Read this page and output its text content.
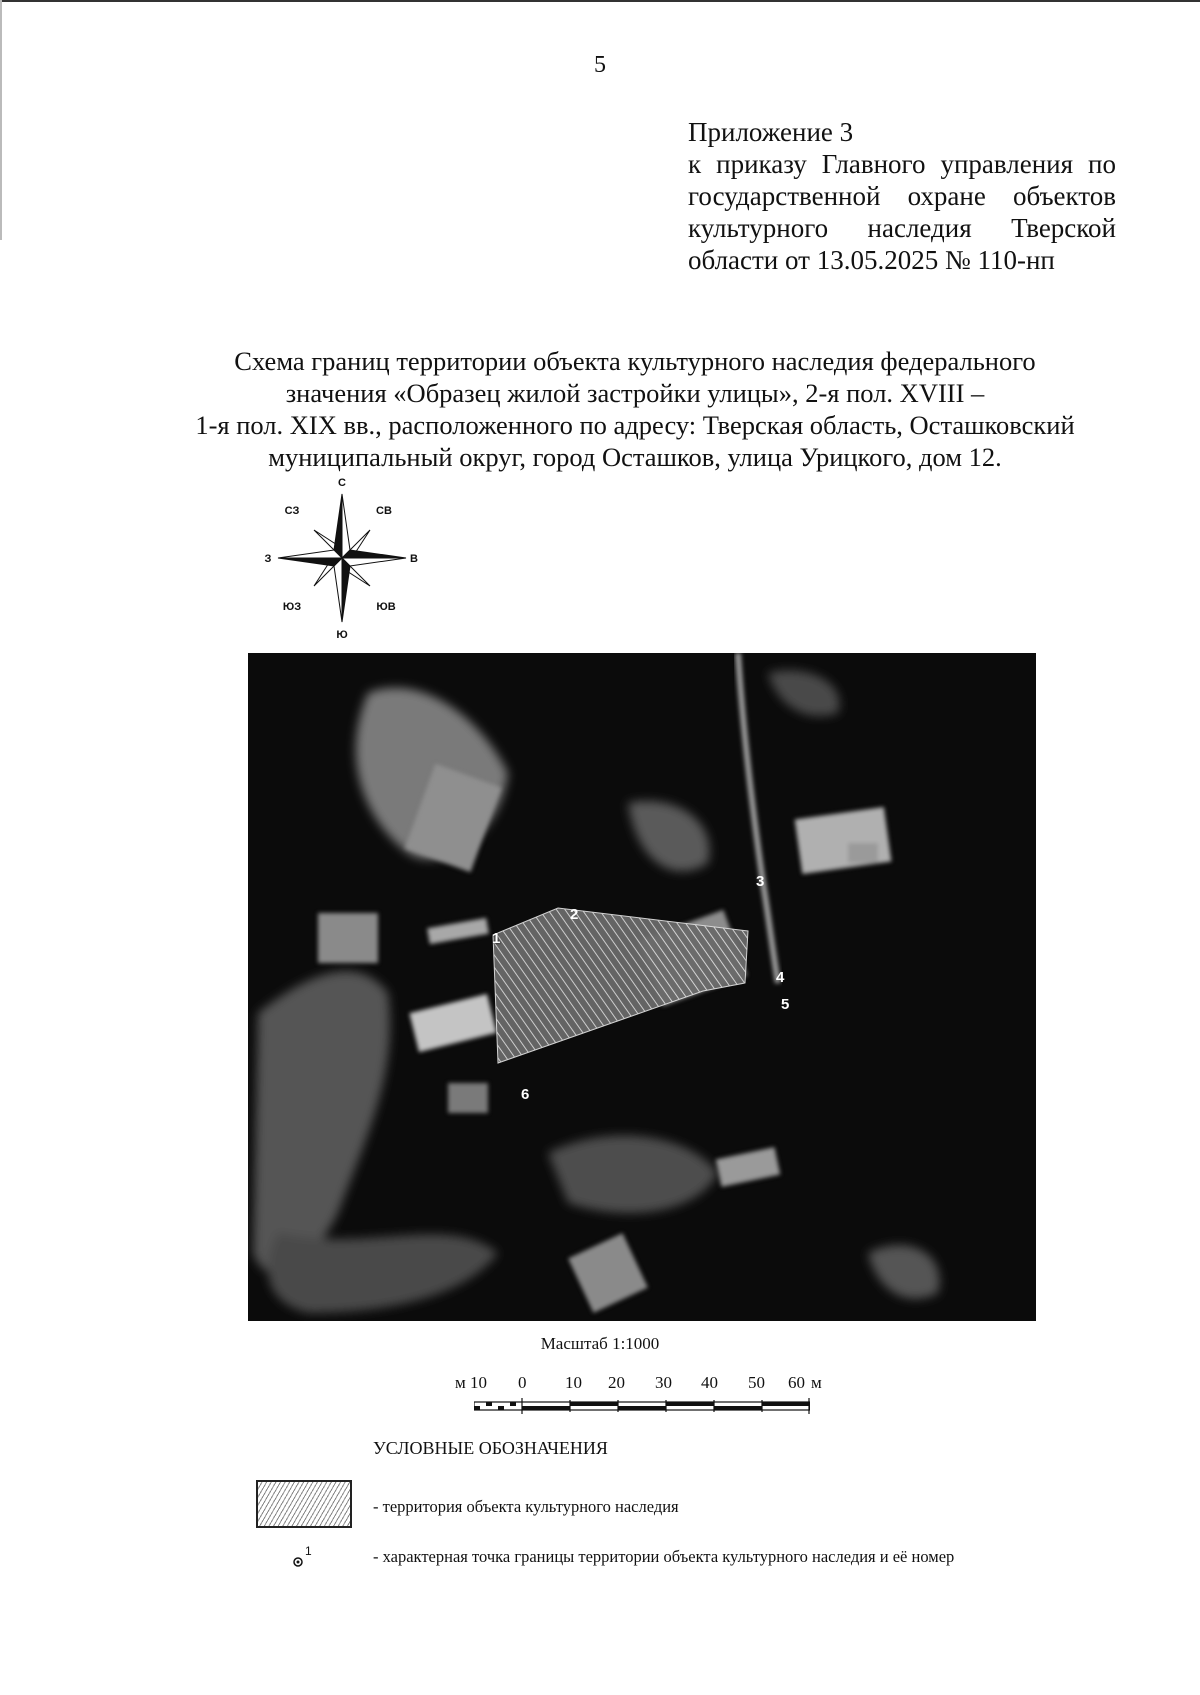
5
Приложение 3
к приказу Главного управления по
государственной охране объектов
культурного наследия Тверской
области от 13.05.2025 № 110-нп
Схема границ территории объекта культурного наследия федерального
значения «Образец жилой застройки улицы», 2-я пол. XVIII –
1-я пол. XIX вв., расположенного по адресу: Тверская область, Осташковский
муниципальный округ, город Осташков, улица Урицкого, дом 12.
С
СВ
В
ЮВ
Ю
ЮЗ
З
СЗ
1
2
3
4
5
6
Масштаб 1:1000
м 10 0 10 20 30 40 50 60 м
УСЛОВНЫЕ ОБОЗНАЧЕНИЯ
- территория объекта культурного наследия
1	- характерная точка границы территории объекта культурного наследия и её номер
